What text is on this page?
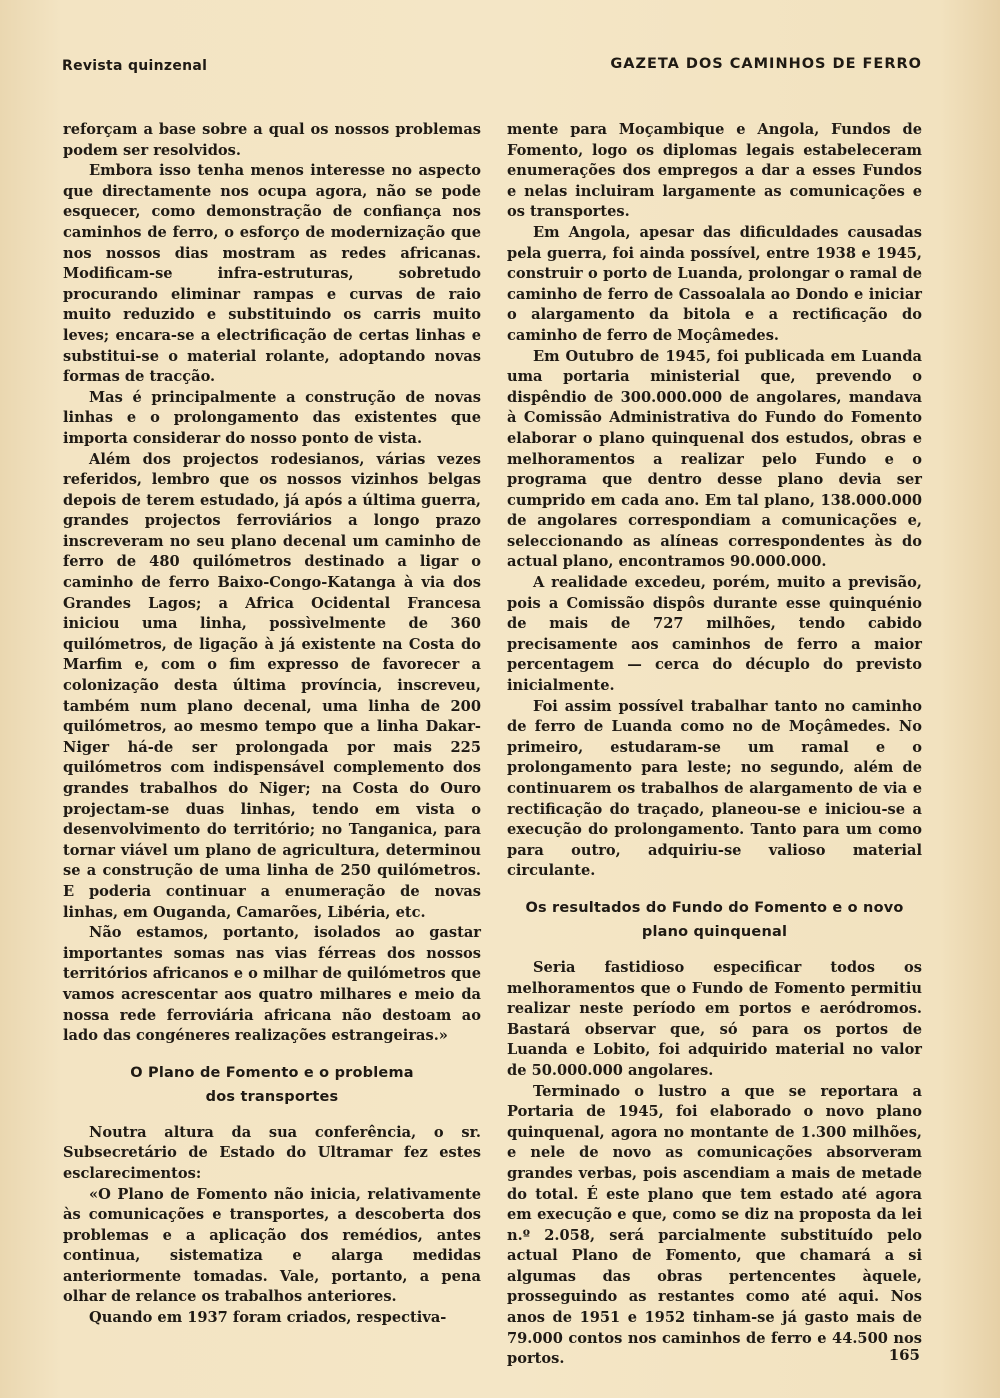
Revista quinzenal	GAZETA DOS CAMINHOS DE FERRO

reforçam a base sobre a qual os nossos problemas podem ser resolvidos.

Embora isso tenha menos interesse no aspecto que directamente nos ocupa agora, não se pode esquecer, como demonstração de confiança nos caminhos de ferro, o esforço de modernização que nos nossos dias mostram as redes africanas. Modificam-se infra-estruturas, sobretudo procurando eliminar rampas e curvas de raio muito reduzido e substituindo os carris muito leves; encara-se a electrificação de certas linhas e substitui-se o material rolante, adoptando novas formas de tracção.

Mas é principalmente a construção de novas linhas e o prolongamento das existentes que importa considerar do nosso ponto de vista.

Além dos projectos rodesianos, várias vezes referidos, lembro que os nossos vizinhos belgas depois de terem estudado, já após a última guerra, grandes projectos ferroviários a longo prazo inscreveram no seu plano decenal um caminho de ferro de 480 quilómetros destinado a ligar o caminho de ferro Baixo-Congo-Katanga à via dos Grandes Lagos; a Africa Ocidental Francesa iniciou uma linha, possìvelmente de 360 quilómetros, de ligação à já existente na Costa do Marfim e, com o fim expresso de favorecer a colonização desta última província, inscreveu, também num plano decenal, uma linha de 200 quilómetros, ao mesmo tempo que a linha Dakar-Niger há-de ser prolongada por mais 225 quilómetros com indispensável complemento dos grandes trabalhos do Niger; na Costa do Ouro projectam-se duas linhas, tendo em vista o desenvolvimento do território; no Tanganica, para tornar viável um plano de agricultura, determinou se a construção de uma linha de 250 quilómetros. E poderia continuar a enumeração de novas linhas, em Ouganda, Camarões, Libéria, etc.

Não estamos, portanto, isolados ao gastar importantes somas nas vias férreas dos nossos territórios africanos e o milhar de quilómetros que vamos acrescentar aos quatro milhares e meio da nossa rede ferroviária africana não destoam ao lado das congéneres realizações estrangeiras.»

O Plano de Fomento e o problema
dos transportes

Noutra altura da sua conferência, o sr. Subsecretário de Estado do Ultramar fez estes esclarecimentos:

«O Plano de Fomento não inicia, relativamente às comunicações e transportes, a descoberta dos problemas e a aplicação dos remédios, antes continua, sistematiza e alarga medidas anteriormente tomadas. Vale, portanto, a pena olhar de relance os trabalhos anteriores.

Quando em 1937 foram criados, respectiva-

mente para Moçambique e Angola, Fundos de Fomento, logo os diplomas legais estabeleceram enumerações dos empregos a dar a esses Fundos e nelas incluiram largamente as comunicações e os transportes.

Em Angola, apesar das dificuldades causadas pela guerra, foi ainda possível, entre 1938 e 1945, construir o porto de Luanda, prolongar o ramal de caminho de ferro de Cassoalala ao Dondo e iniciar o alargamento da bitola e a rectificação do caminho de ferro de Moçâmedes.

Em Outubro de 1945, foi publicada em Luanda uma portaria ministerial que, prevendo o dispêndio de 300.000.000 de angolares, mandava à Comissão Administrativa do Fundo do Fomento elaborar o plano quinquenal dos estudos, obras e melhoramentos a realizar pelo Fundo e o programa que dentro desse plano devia ser cumprido em cada ano. Em tal plano, 138.000.000 de angolares correspondiam a comunicações e, seleccionando as alíneas correspondentes às do actual plano, encontramos 90.000.000.

A realidade excedeu, porém, muito a previsão, pois a Comissão dispôs durante esse quinquénio de mais de 727 milhões, tendo cabido precisamente aos caminhos de ferro a maior percentagem — cerca do décuplo do previsto inicialmente.

Foi assim possível trabalhar tanto no caminho de ferro de Luanda como no de Moçâmedes. No primeiro, estudaram-se um ramal e o prolongamento para leste; no segundo, além de continuarem os trabalhos de alargamento de via e rectificação do traçado, planeou-se e iniciou-se a execução do prolongamento. Tanto para um como para outro, adquiriu-se valioso material circulante.

Os resultados do Fundo do Fomento e o novo
plano quinquenal

Seria fastidioso especificar todos os melhoramentos que o Fundo de Fomento permitiu realizar neste período em portos e aeródromos. Bastará observar que, só para os portos de Luanda e Lobito, foi adquirido material no valor de 50.000.000 angolares.

Terminado o lustro a que se reportara a Portaria de 1945, foi elaborado o novo plano quinquenal, agora no montante de 1.300 milhões, e nele de novo as comunicações absorveram grandes verbas, pois ascendiam a mais de metade do total. É este plano que tem estado até agora em execução e que, como se diz na proposta da lei n.º 2.058, será parcialmente substituído pelo actual Plano de Fomento, que chamará a si algumas das obras pertencentes àquele, prosseguindo as restantes como até aqui. Nos anos de 1951 e 1952 tinham-se já gasto mais de 79.000 contos nos caminhos de ferro e 44.500 nos portos.	165
